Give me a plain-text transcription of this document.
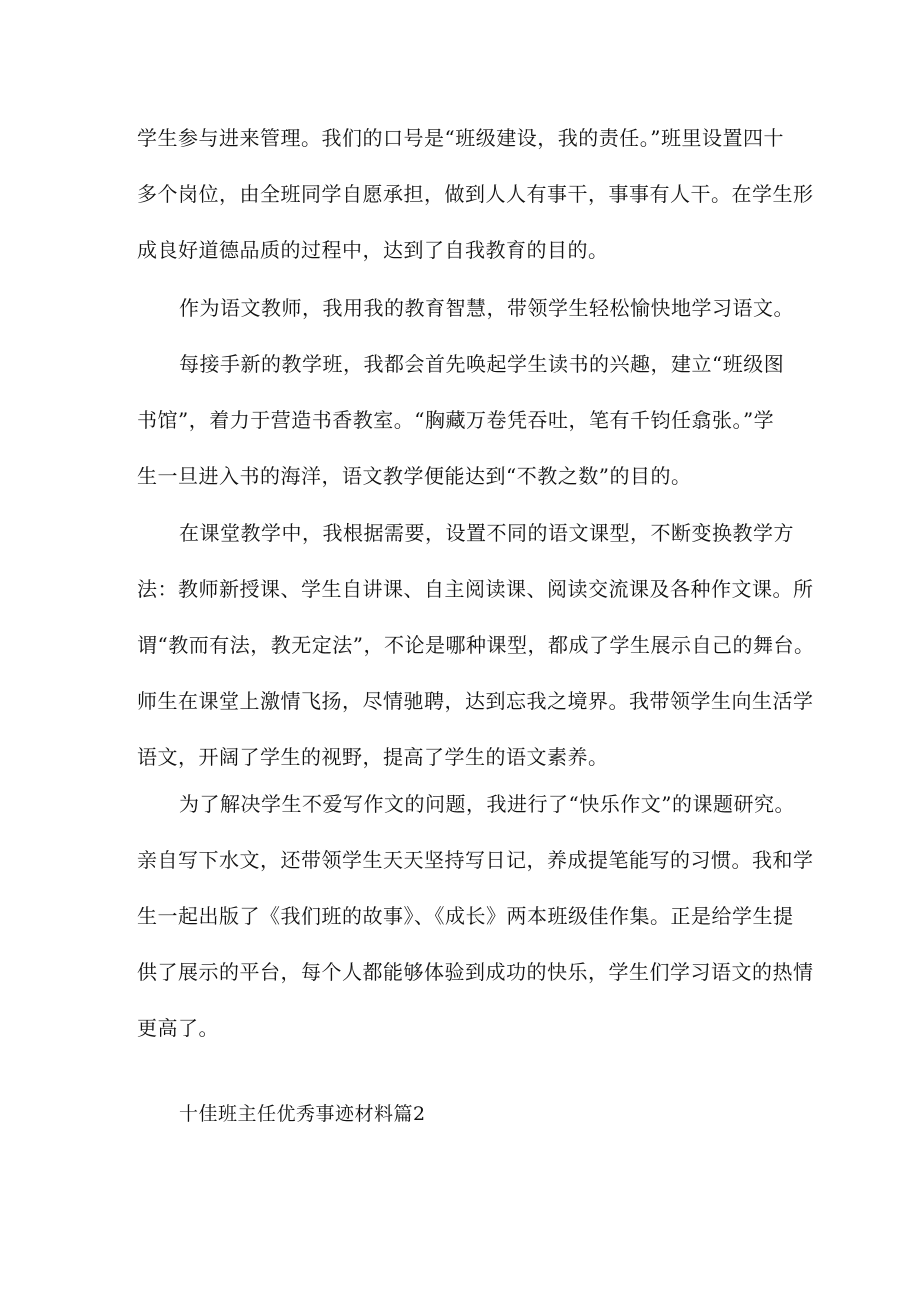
学生参与进来管理。我们的口号是“班级建设，我的责任。”班里设置四十
多个岗位，由全班同学自愿承担，做到人人有事干，事事有人干。在学生形
成良好道德品质的过程中，达到了自我教育的目的。

作为语文教师，我用我的教育智慧，带领学生轻松愉快地学习语文。

每接手新的教学班，我都会首先唤起学生读书的兴趣，建立“班级图
书馆”，着力于营造书香教室。“胸藏万卷凭吞吐，笔有千钧任翕张。”学
生一旦进入书的海洋，语文教学便能达到“不教之数”的目的。

在课堂教学中，我根据需要，设置不同的语文课型，不断变换教学方
法：教师新授课、学生自讲课、自主阅读课、阅读交流课及各种作文课。所
谓“教而有法，教无定法”，不论是哪种课型，都成了学生展示自己的舞台。
师生在课堂上激情飞扬，尽情驰聘，达到忘我之境界。我带领学生向生活学
语文，开阔了学生的视野，提高了学生的语文素养。

为了解决学生不爱写作文的问题，我进行了“快乐作文”的课题研究。
亲自写下水文，还带领学生天天坚持写日记，养成提笔能写的习惯。我和学
生一起出版了《我们班的故事》、《成长》两本班级佳作集。正是给学生提
供了展示的平台，每个人都能够体验到成功的快乐，学生们学习语文的热情
更高了。

十佳班主任优秀事迹材料篇2
